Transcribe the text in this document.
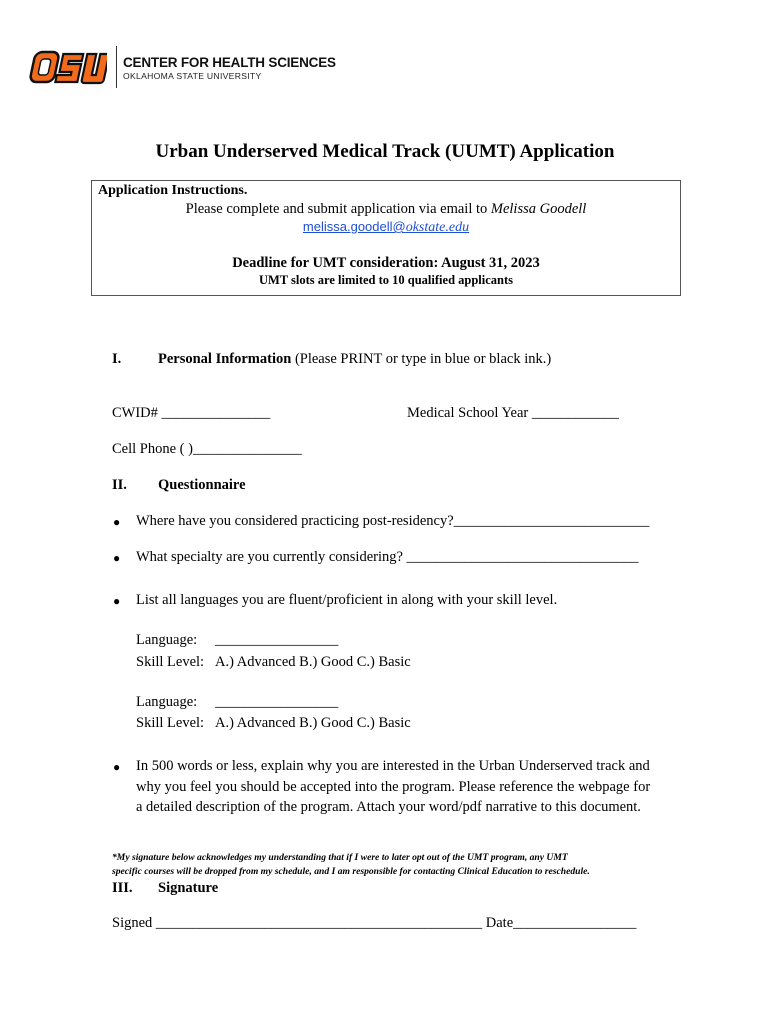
CENTER FOR HEALTH SCIENCES
OKLAHOMA STATE UNIVERSITY
Urban Underserved Medical Track (UUMT) Application
Application Instructions.
Please complete and submit application via email to Melissa Goodell
melissa.goodell@okstate.edu
Deadline for UMT consideration: August 31, 2023
UMT slots are limited to 10 qualified applicants
I.	Personal Information (Please PRINT or type in blue or black ink.)
CWID# _______________	Medical School Year ____________
Cell Phone ( )_______________
II. Questionnaire
● Where have you considered practicing post-residency?___________________________
● What specialty are you currently considering? ________________________________
● List all languages you are fluent/proficient in along with your skill level.
Language: _________________
Skill Level: A.) Advanced B.) Good C.) Basic
Language: _________________
Skill Level: A.) Advanced B.) Good C.) Basic
● In 500 words or less, explain why you are interested in the Urban Underserved track and
why you feel you should be accepted into the program. Please reference the webpage for
a detailed description of the program. Attach your word/pdf narrative to this document.
*My signature below acknowledges my understanding that if I were to later opt out of the UMT program, any UMT
specific courses will be dropped from my schedule, and I am responsible for contacting Clinical Education to reschedule.
III. Signature
Signed _____________________________________________ Date_________________
